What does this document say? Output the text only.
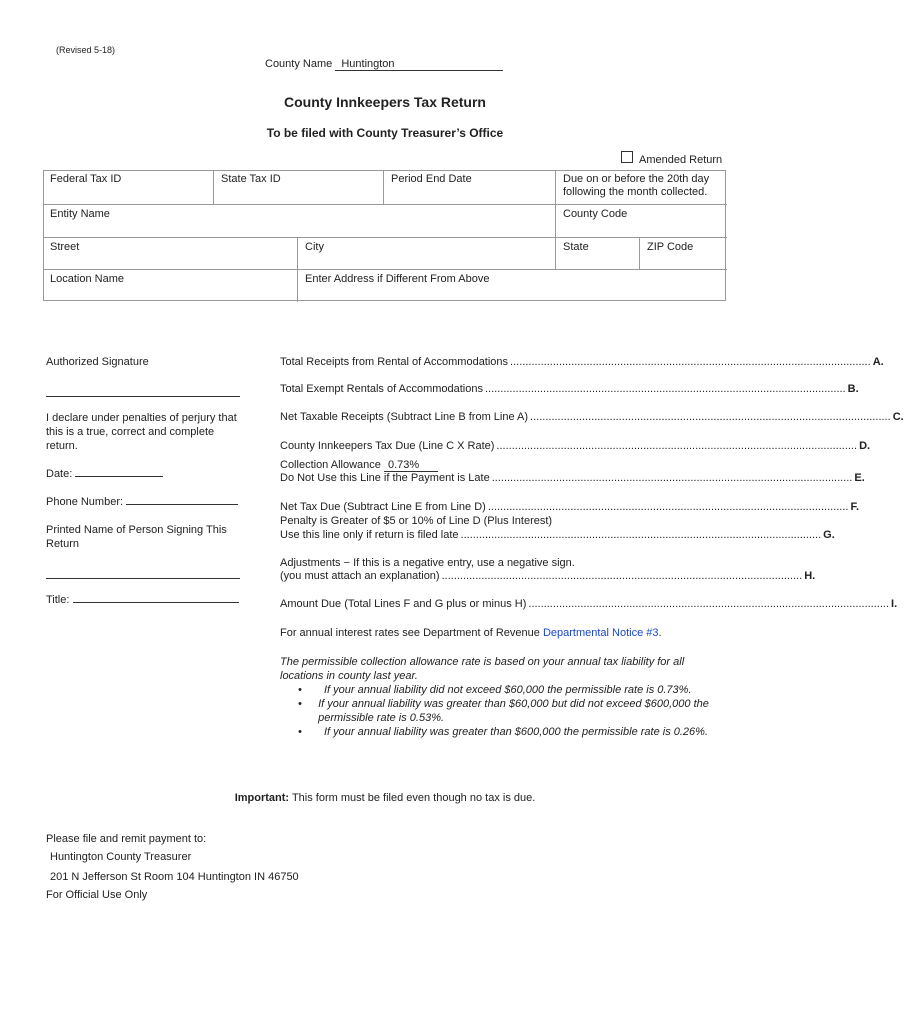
(Revised 5-18)
County Name Huntington
County Innkeepers Tax Return
To be filed with County Treasurer’s Office
Amended Return
Federal Tax ID	State Tax ID	Period End Date	Due on or before the 20th day following the month collected.
Entity Name	County Code
Street	City	State	ZIP Code
Location Name	Enter Address if Different From Above
Authorized Signature
I declare under penalties of perjury that this is a true, correct and complete return.
Date:
Phone Number:
Printed Name of Person Signing This Return
Title:
Total Receipts from Rental of Accommodations ...................................................................................................................... A.
Total Exempt Rentals of Accommodations ...................................................................................................................... B.
Net Taxable Receipts (Subtract Line B from Line A) ...................................................................................................................... C.
County Innkeepers Tax Due (Line C X Rate) ...................................................................................................................... D.
Do Not Use this Line if the Payment is Late ...................................................................................................................... E.
Net Tax Due (Subtract Line E from Line D) ...................................................................................................................... F.
Use this line only if return is filed late ...................................................................................................................... G.
(you must attach an explanation) ...................................................................................................................... H.
Amount Due (Total Lines F and G plus or minus H) ...................................................................................................................... I.
Collection Allowance 0.73%
Penalty is Greater of $5 or 10% of Line D (Plus Interest)
Adjustments − If this is a negative entry, use a negative sign.
For annual interest rates see Department of Revenue Departmental Notice #3.
The permissible collection allowance rate is based on your annual tax liability for all locations in county last year.
•	If your annual liability did not exceed $60,000 the permissible rate is 0.73%.
•	If your annual liability was greater than $60,000 but did not exceed $600,000 the permissible rate is 0.53%.
•	If your annual liability was greater than $600,000 the permissible rate is 0.26%.
Important: This form must be filed even though no tax is due.
Please file and remit payment to:
Huntington County Treasurer
201 N Jefferson St Room 104 Huntington IN 46750
For Official Use Only
